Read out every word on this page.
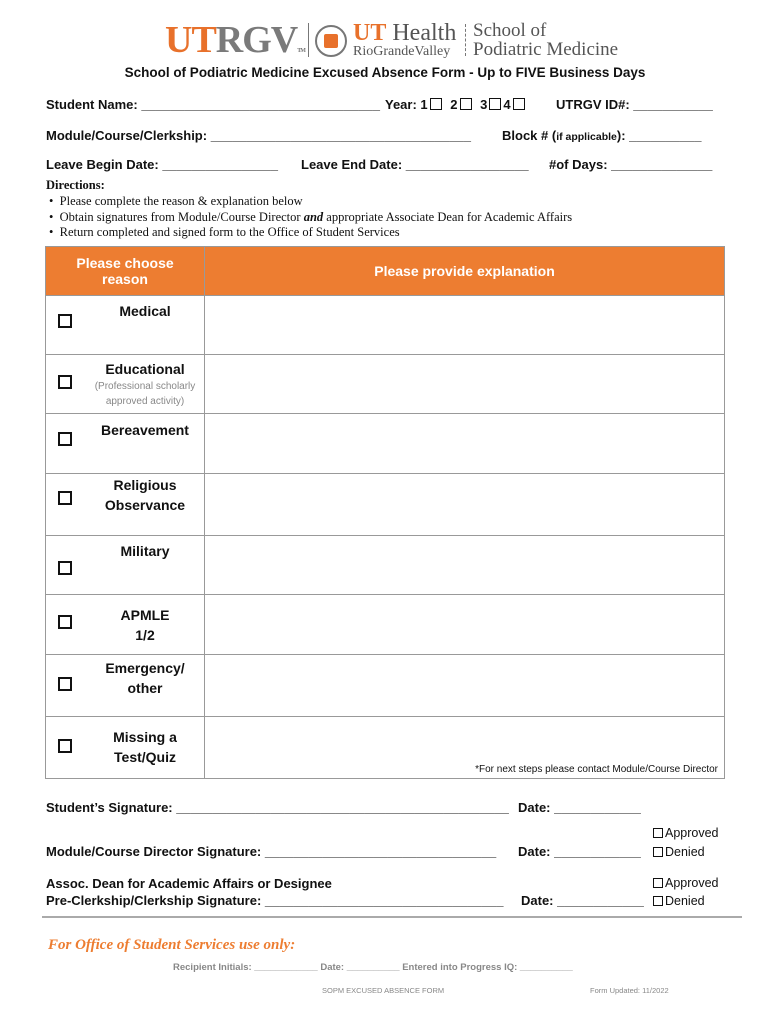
UTRGVTM
UT Health
RioGrandeValley
School of
Podiatric Medicine
School of Podiatric Medicine Excused Absence Form - Up to FIVE Business Days
Student Name: _________________________________ Year: 1 2 3 4	UTRGV ID#: ___________
Module/Course/Clerkship: ____________________________________ Block # (if applicable): __________
Leave Begin Date: ________________ Leave End Date: _________________ #of Days: ______________
Directions:
•  Please complete the reason & explanation below
•  Obtain signatures from Module/Course Director and appropriate Associate Dean for Academic Affairs
•  Return completed and signed form to the Office of Student Services
Please choose
reason	Please provide explanation

Medical	

Educational
(Professional scholarly approved activity)	

Bereavement	

Religious Observance	

Military	

APMLE 1/2	

Emergency/ other	

Missing a Test/Quiz	*For next steps please contact Module/Course Director
Student’s Signature: ______________________________________________ Date: ____________
Approved
Module/Course Director Signature: ________________________________ Date: ____________	Denied
Assoc. Dean for Academic Affairs or Designee	Approved
Pre-Clerkship/Clerkship Signature: _________________________________ Date: ____________	Denied
For Office of Student Services use only:
Recipient Initials: ____________ Date: __________ Entered into Progress IQ: __________
SOPM EXCUSED ABSENCE FORM	Form Updated: 11/2022
